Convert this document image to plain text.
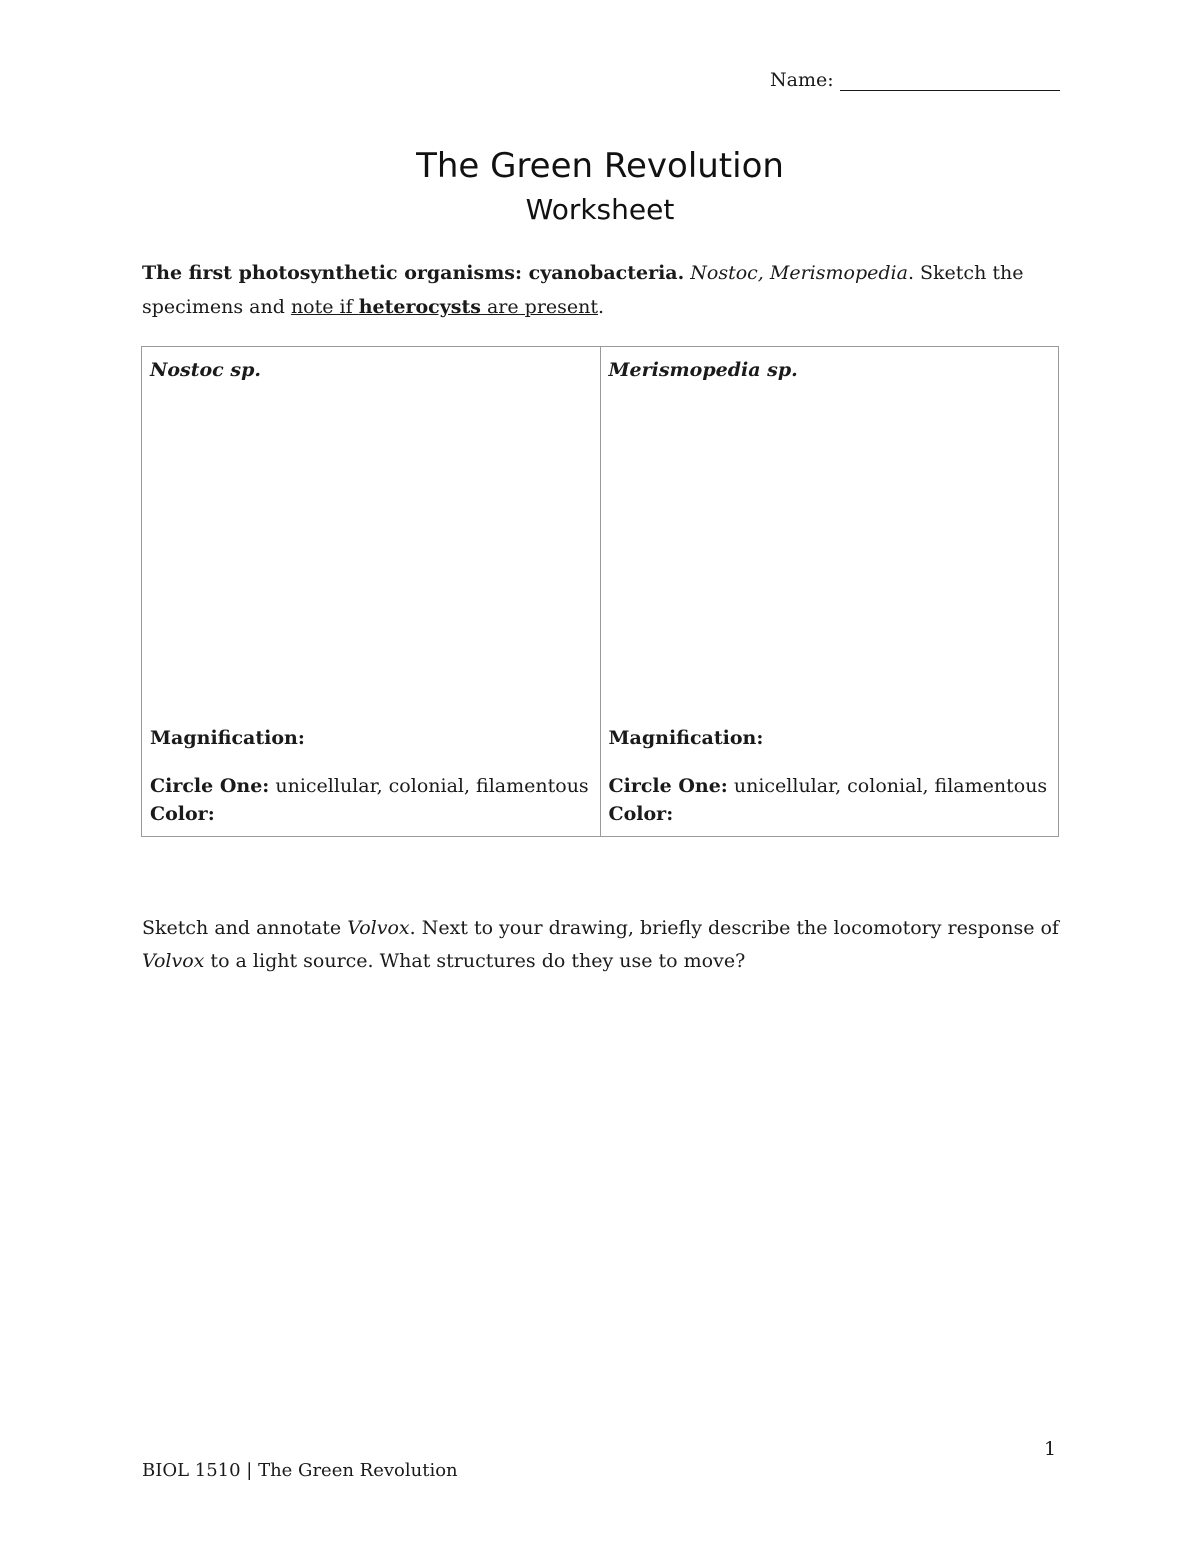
Name:
The Green Revolution
Worksheet
The first photosynthetic organisms: cyanobacteria. Nostoc, Merismopedia. Sketch the specimens and note if heterocysts are present.
Nostoc sp.
Magnification:
Circle One: unicellular, colonial, filamentous
Color:

Merismopedia sp.
Magnification:
Circle One: unicellular, colonial, filamentous
Color:
Sketch and annotate Volvox. Next to your drawing, briefly describe the locomotory response of Volvox to a light source. What structures do they use to move?
1
BIOL 1510 | The Green Revolution
